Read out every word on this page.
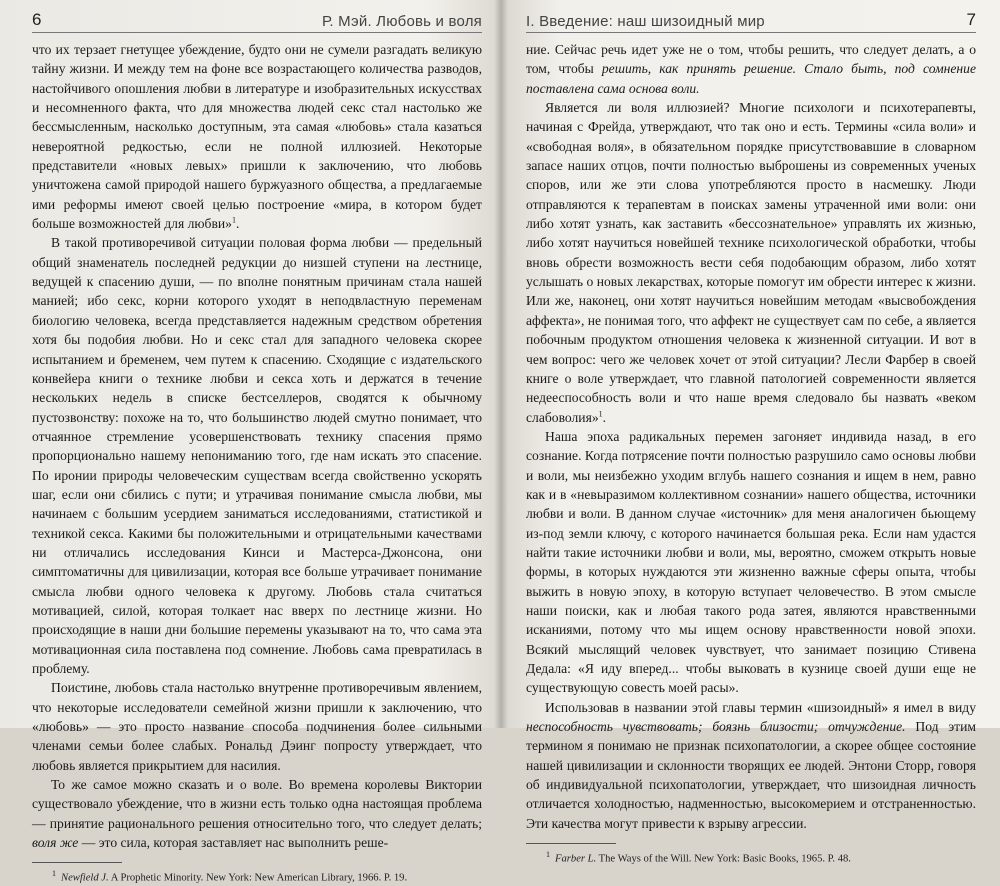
6	Р. Мэй. Любовь и воля

что их терзает гнетущее убеждение, будто они не сумели разгадать великую тайну жизни. И между тем на фоне все возрастающего количества разводов, настойчивого опошления любви в литературе и изобразительных искусствах и несомненного факта, что для множества людей секс стал настолько же бессмысленным, насколько доступным, эта самая «любовь» стала казаться невероятной редкостью, если не полной иллюзией. Некоторые представители «новых левых» пришли к заключению, что любовь уничтожена самой природой нашего буржуазного общества, а предлагаемые ими реформы имеют своей целью построение «мира, в котором будет больше возможностей для любви»$^1$.

В такой противоречивой ситуации половая форма любви — предельный общий знаменатель последней редукции до низшей ступени на лестнице, ведущей к спасению души, — по вполне понятным причинам стала нашей манией; ибо секс, корни которого уходят в неподвластную переменам биологию человека, всегда представляется надежным средством обретения хотя бы подобия любви. Но и секс стал для западного человека скорее испытанием и бременем, чем путем к спасению. Сходящие с издательского конвейера книги о технике любви и секса хоть и держатся в течение нескольких недель в списке бестселлеров, сводятся к обычному пустозвонству: похоже на то, что большинство людей смутно понимает, что отчаянное стремление усовершенствовать технику спасения прямо пропорционально нашему непониманию того, где нам искать это спасение. По иронии природы человеческим существам всегда свойственно ускорять шаг, если они сбились с пути; и утрачивая понимание смысла любви, мы начинаем с большим усердием заниматься исследованиями, статистикой и техникой секса. Какими бы положительными и отрицательными качествами ни отличались исследования Кинси и Мастерса-Джонсона, они симптоматичны для цивилизации, которая все больше утрачивает понимание смысла любви одного человека к другому. Любовь стала считаться мотивацией, силой, которая толкает нас вверх по лестнице жизни. Но происходящие в наши дни большие перемены указывают на то, что сама эта мотивационная сила поставлена под сомнение. Любовь сама превратилась в проблему.

Поистине, любовь стала настолько внутренне противоречивым явлением, что некоторые исследователи семейной жизни пришли к заключению, что «любовь» — это просто название способа подчинения более сильными членами семьи более слабых. Рональд Дэинг попросту утверждает, что любовь является прикрытием для насилия.

То же самое можно сказать и о воле. Во времена королевы Виктории существовало убеждение, что в жизни есть только одна настоящая проблема — принятие рационального решения относительно того, что следует делать; воля же — это сила, которая заставляет нас выполнить реше-

$^1$ Newfield J. A Prophetic Minority. New York: New American Library, 1966. P. 19.
I. Введение: наш шизоидный мир	7

ние. Сейчас речь идет уже не о том, чтобы решить, что следует делать, а о том, чтобы решить, как принять решение. Стало быть, под сомнение поставлена сама основа воли.

Является ли воля иллюзией? Многие психологи и психотерапевты, начиная с Фрейда, утверждают, что так оно и есть. Термины «сила воли» и «свободная воля», в обязательном порядке присутствовавшие в словарном запасе наших отцов, почти полностью выброшены из современных ученых споров, или же эти слова употребляются просто в насмешку. Люди отправляются к терапевтам в поисках замены утраченной ими воли: они либо хотят узнать, как заставить «бессознательное» управлять их жизнью, либо хотят научиться новейшей технике психологической обработки, чтобы вновь обрести возможность вести себя подобающим образом, либо хотят услышать о новых лекарствах, которые помогут им обрести интерес к жизни. Или же, наконец, они хотят научиться новейшим методам «высвобождения аффекта», не понимая того, что аффект не существует сам по себе, а является побочным продуктом отношения человека к жизненной ситуации. И вот в чем вопрос: чего же человек хочет от этой ситуации? Лесли Фарбер в своей книге о воле утверждает, что главной патологией современности является недееспособность воли и что наше время следовало бы назвать «веком слабоволия»$^1$.

Наша эпоха радикальных перемен загоняет индивида назад, в его сознание. Когда потрясение почти полностью разрушило само основы любви и воли, мы неизбежно уходим вглубь нашего сознания и ищем в нем, равно как и в «невыразимом коллективном сознании» нашего общества, источники любви и воли. В данном случае «источник» для меня аналогичен бьющему из-под земли ключу, с которого начинается большая река. Если нам удастся найти такие источники любви и воли, мы, вероятно, сможем открыть новые формы, в которых нуждаются эти жизненно важные сферы опыта, чтобы выжить в новую эпоху, в которую вступает человечество. В этом смысле наши поиски, как и любая такого рода затея, являются нравственными исканиями, потому что мы ищем основу нравственности новой эпохи. Всякий мыслящий человек чувствует, что занимает позицию Стивена Дедала: «Я иду вперед... чтобы выковать в кузнице своей души еще не существующую совесть моей расы».

Использовав в названии этой главы термин «шизоидный» я имел в виду неспособность чувствовать; боязнь близости; отчуждение. Под этим термином я понимаю не признак психопатологии, а скорее общее состояние нашей цивилизации и склонности творящих ее людей. Энтони Сторр, говоря об индивидуальной психопатологии, утверждает, что шизоидная личность отличается холодностью, надменностью, высокомерием и отстраненностью. Эти качества могут привести к взрыву агрессии.

$^1$ Farber L. The Ways of the Will. New York: Basic Books, 1965. P. 48.
